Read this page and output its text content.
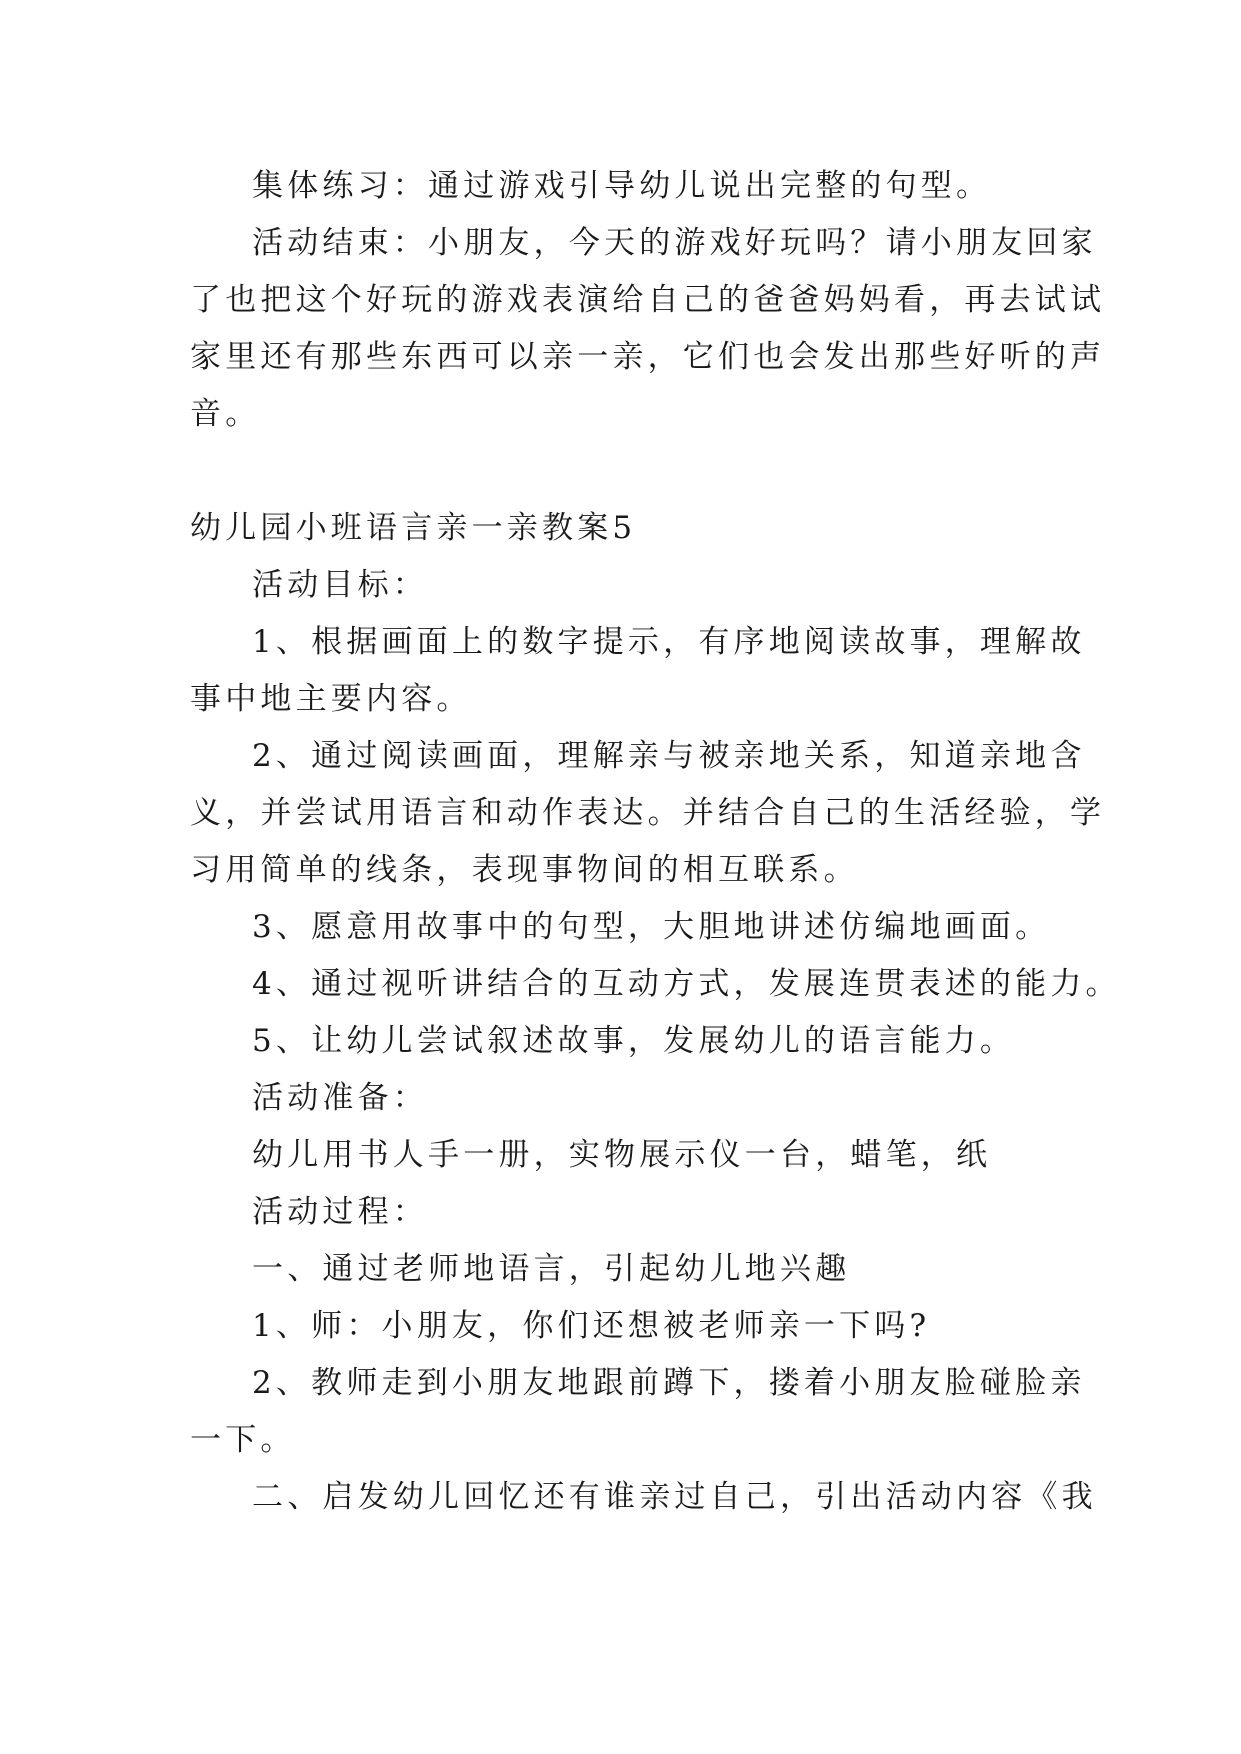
集体练习：通过游戏引导幼儿说出完整的句型。

活动结束：小朋友，今天的游戏好玩吗？请小朋友回家

了也把这个好玩的游戏表演给自己的爸爸妈妈看，再去试试

家里还有那些东西可以亲一亲，它们也会发出那些好听的声

音。

幼儿园小班语言亲一亲教案5

活动目标：

1、根据画面上的数字提示，有序地阅读故事，理解故

事中地主要内容。

2、通过阅读画面，理解亲与被亲地关系，知道亲地含

义，并尝试用语言和动作表达。并结合自己的生活经验，学

习用简单的线条，表现事物间的相互联系。

3、愿意用故事中的句型，大胆地讲述仿编地画面。

4、通过视听讲结合的互动方式，发展连贯表述的能力。

5、让幼儿尝试叙述故事，发展幼儿的语言能力。

活动准备：

幼儿用书人手一册，实物展示仪一台，蜡笔，纸

活动过程：

一、通过老师地语言，引起幼儿地兴趣

1、师：小朋友，你们还想被老师亲一下吗?

2、教师走到小朋友地跟前蹲下，搂着小朋友脸碰脸亲

一下。

二、启发幼儿回忆还有谁亲过自己，引出活动内容《我
